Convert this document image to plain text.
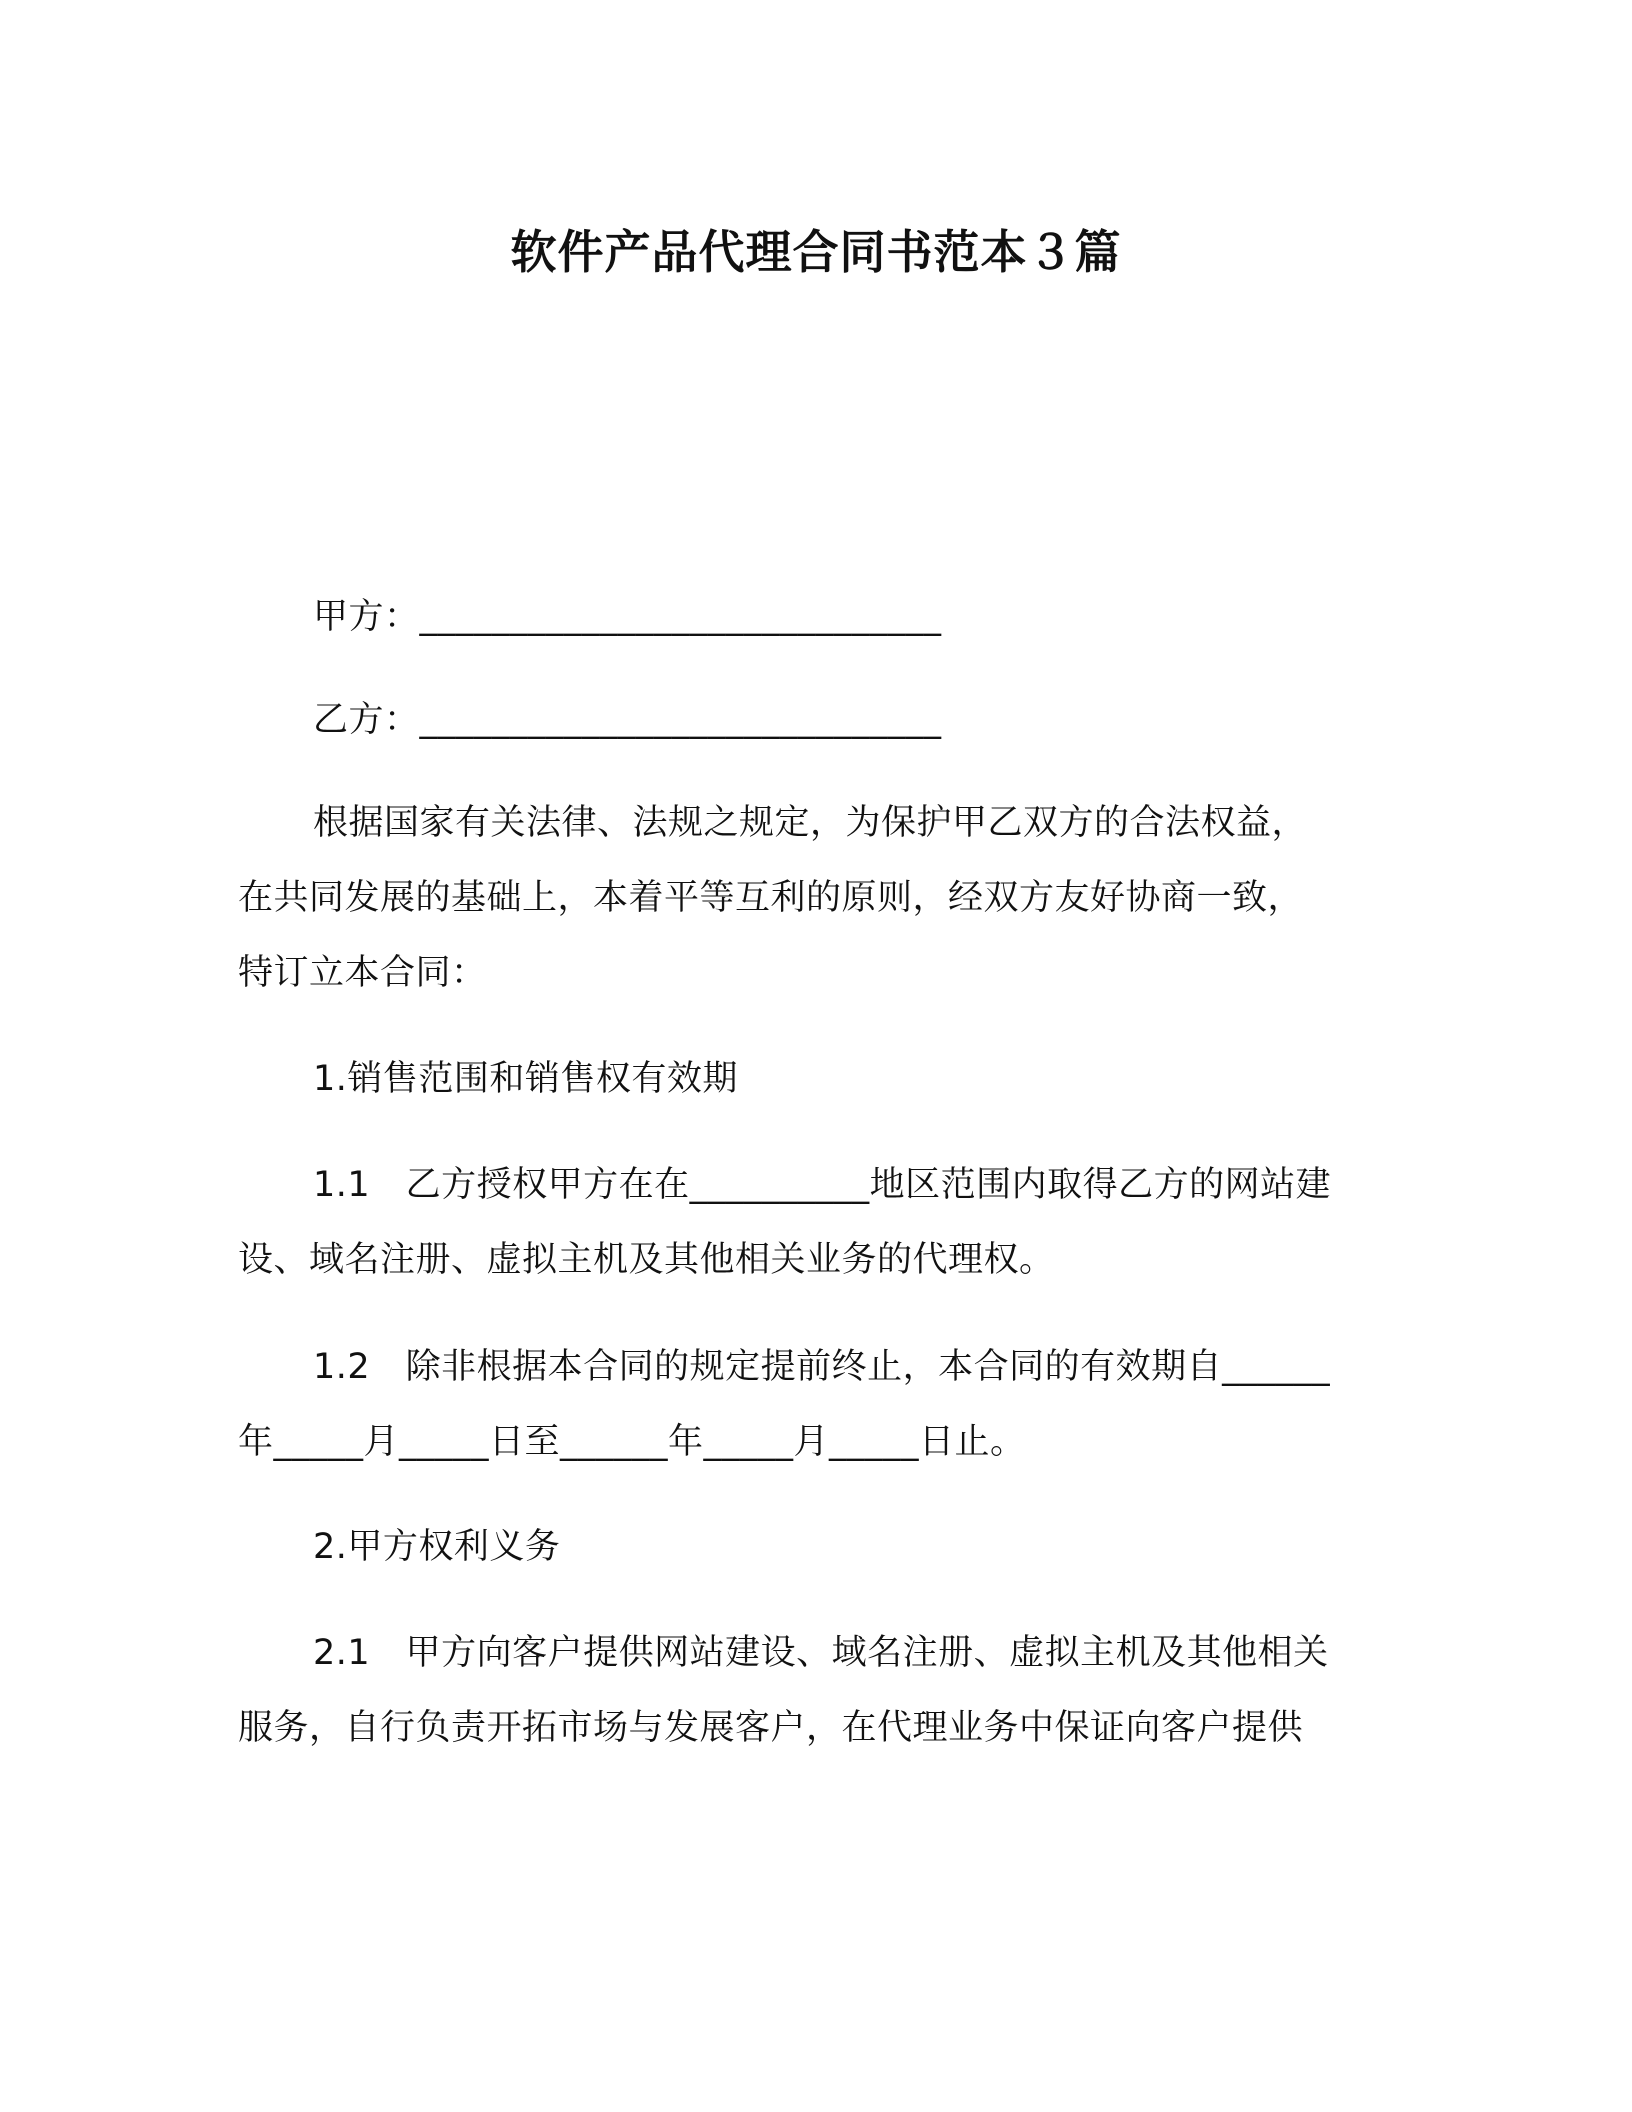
软件产品代理合同书范本３篇
甲方：_____________________________
乙方：_____________________________
根据国家有关法律、法规之规定，为保护甲乙双方的合法权益，
在共同发展的基础上，本着平等互利的原则，经双方友好协商一致，
特订立本合同：
1.销售范围和销售权有效期
1.1　乙方授权甲方在在__________地区范围内取得乙方的网站建
设、域名注册、虚拟主机及其他相关业务的代理权。
1.2　除非根据本合同的规定提前终止，本合同的有效期自______
年_____月_____日至______年_____月_____日止。
2.甲方权利义务
2.1　甲方向客户提供网站建设、域名注册、虚拟主机及其他相关
服务，自行负责开拓市场与发展客户，在代理业务中保证向客户提供
